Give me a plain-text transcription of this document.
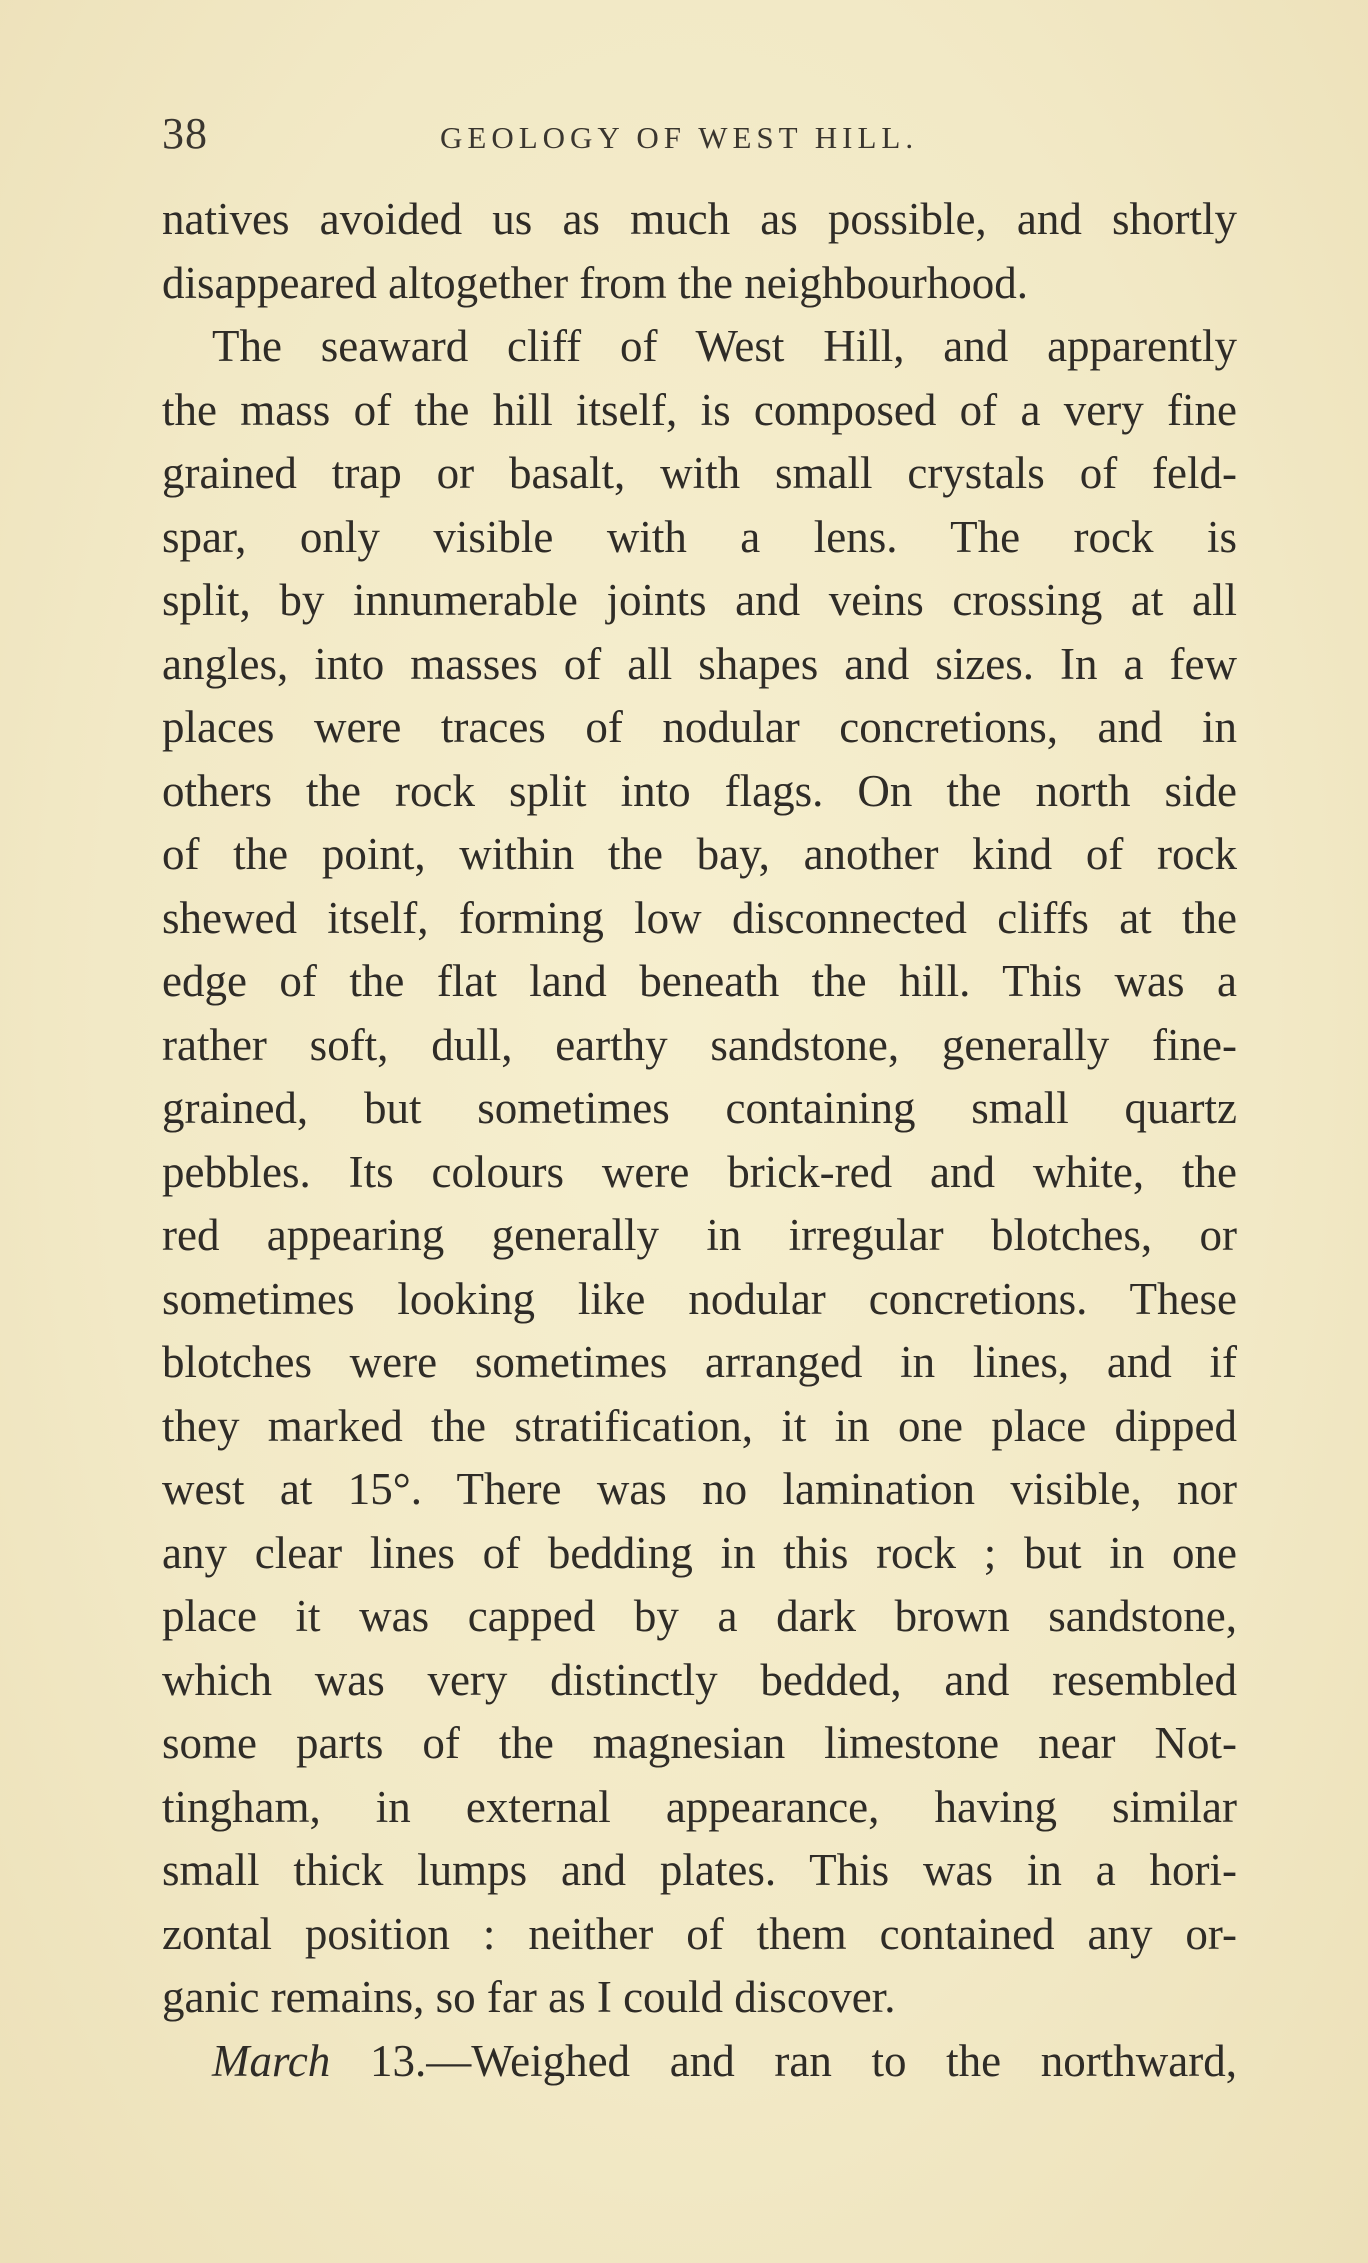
38	GEOLOGY OF WEST HILL.
natives avoided us as much as possible, and shortly
disappeared altogether from the neighbourhood.
The seaward cliff of West Hill, and apparently
the mass of the hill itself, is composed of a very fine
grained trap or basalt, with small crystals of feld-
spar, only visible with a lens. The rock is
split, by innumerable joints and veins crossing at all
angles, into masses of all shapes and sizes. In a few
places were traces of nodular concretions, and in
others the rock split into flags. On the north side
of the point, within the bay, another kind of rock
shewed itself, forming low disconnected cliffs at the
edge of the flat land beneath the hill. This was a
rather soft, dull, earthy sandstone, generally fine-
grained, but sometimes containing small quartz
pebbles. Its colours were brick-red and white, the
red appearing generally in irregular blotches, or
sometimes looking like nodular concretions. These
blotches were sometimes arranged in lines, and if
they marked the stratification, it in one place dipped
west at 15°. There was no lamination visible, nor
any clear lines of bedding in this rock ; but in one
place it was capped by a dark brown sandstone,
which was very distinctly bedded, and resembled
some parts of the magnesian limestone near Not-
tingham, in external appearance, having similar
small thick lumps and plates. This was in a hori-
zontal position : neither of them contained any or-
ganic remains, so far as I could discover.
March 13.—Weighed and ran to the northward,
